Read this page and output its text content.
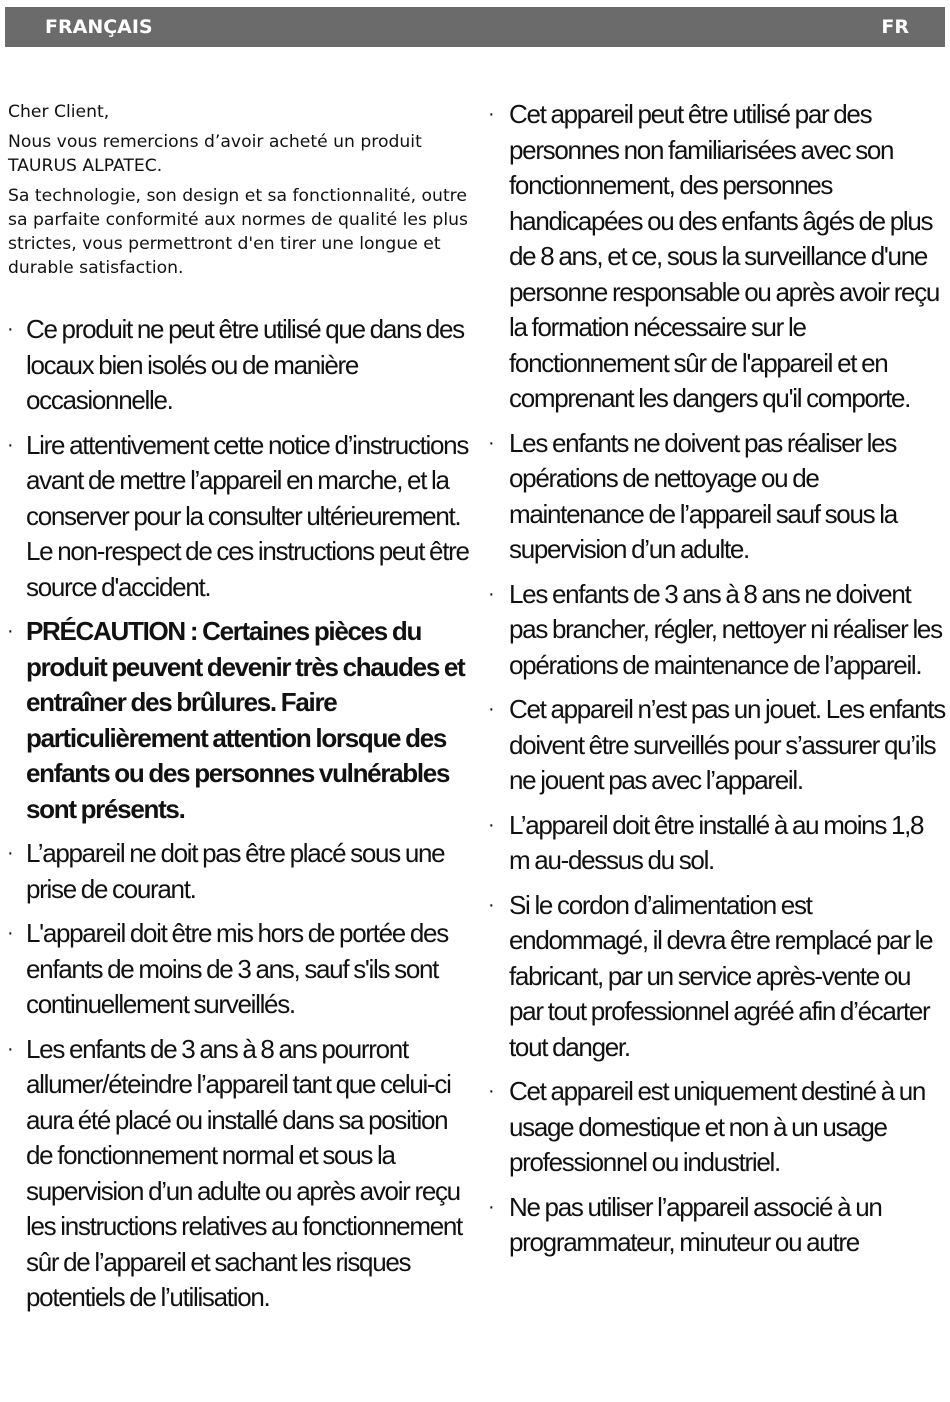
FRANÇAIS	FR

Cher Client,

Nous vous remercions d’avoir acheté un produit TAURUS ALPATEC.

Sa technologie, son design et sa fonctionnalité, outre sa parfaite conformité aux normes de qualité les plus strictes, vous permettront d'en tirer une longue et durable satisfaction.

· Ce produit ne peut être utilisé que dans des locaux bien isolés ou de manière occasionnelle.
· Lire attentivement cette notice d’instructions avant de mettre l’appareil en marche, et la conserver pour la consulter ultérieurement. Le non-respect de ces instructions peut être source d'accident.
· PRÉCAUTION : Certaines pièces du produit peuvent devenir très chaudes et entraîner des brûlures. Faire particulièrement attention lorsque des enfants ou des personnes vulnérables sont présents.
· L’appareil ne doit pas être placé sous une prise de courant.
· L'appareil doit être mis hors de portée des enfants de moins de 3 ans, sauf s'ils sont continuellement surveillés.
· Les enfants de 3 ans à 8 ans pourront allumer/éteindre l’appareil tant que celui-ci aura été placé ou installé dans sa position de fonctionnement normal et sous la supervision d’un adulte ou après avoir reçu les instructions relatives au fonctionnement sûr de l’appareil et sachant les risques potentiels de l’utilisation.
· Cet appareil peut être utilisé par des personnes non familiarisées avec son fonctionnement, des personnes handicapées ou des enfants âgés de plus de 8 ans, et ce, sous la surveillance d'une personne responsable ou après avoir reçu la formation nécessaire sur le fonctionnement sûr de l'appareil et en comprenant les dangers qu'il comporte.
· Les enfants ne doivent pas réaliser les opérations de nettoyage ou de maintenance de l’appareil sauf sous la supervision d’un adulte.
· Les enfants de 3 ans à 8 ans ne doivent pas brancher, régler, nettoyer ni réaliser les opérations de maintenance de l’appareil.
· Cet appareil n’est pas un jouet. Les enfants doivent être surveillés pour s’assurer qu’ils ne jouent pas avec l’appareil.
· L’appareil doit être installé à au moins 1,8 m au-dessus du sol.
· Si le cordon d’alimentation est endommagé, il devra être remplacé par le fabricant, par un service après-vente ou par tout professionnel agréé afin d’écarter tout danger.
· Cet appareil est uniquement destiné à un usage domestique et non à un usage professionnel ou industriel.
· Ne pas utiliser l’appareil associé à un programmateur, minuteur ou autre
